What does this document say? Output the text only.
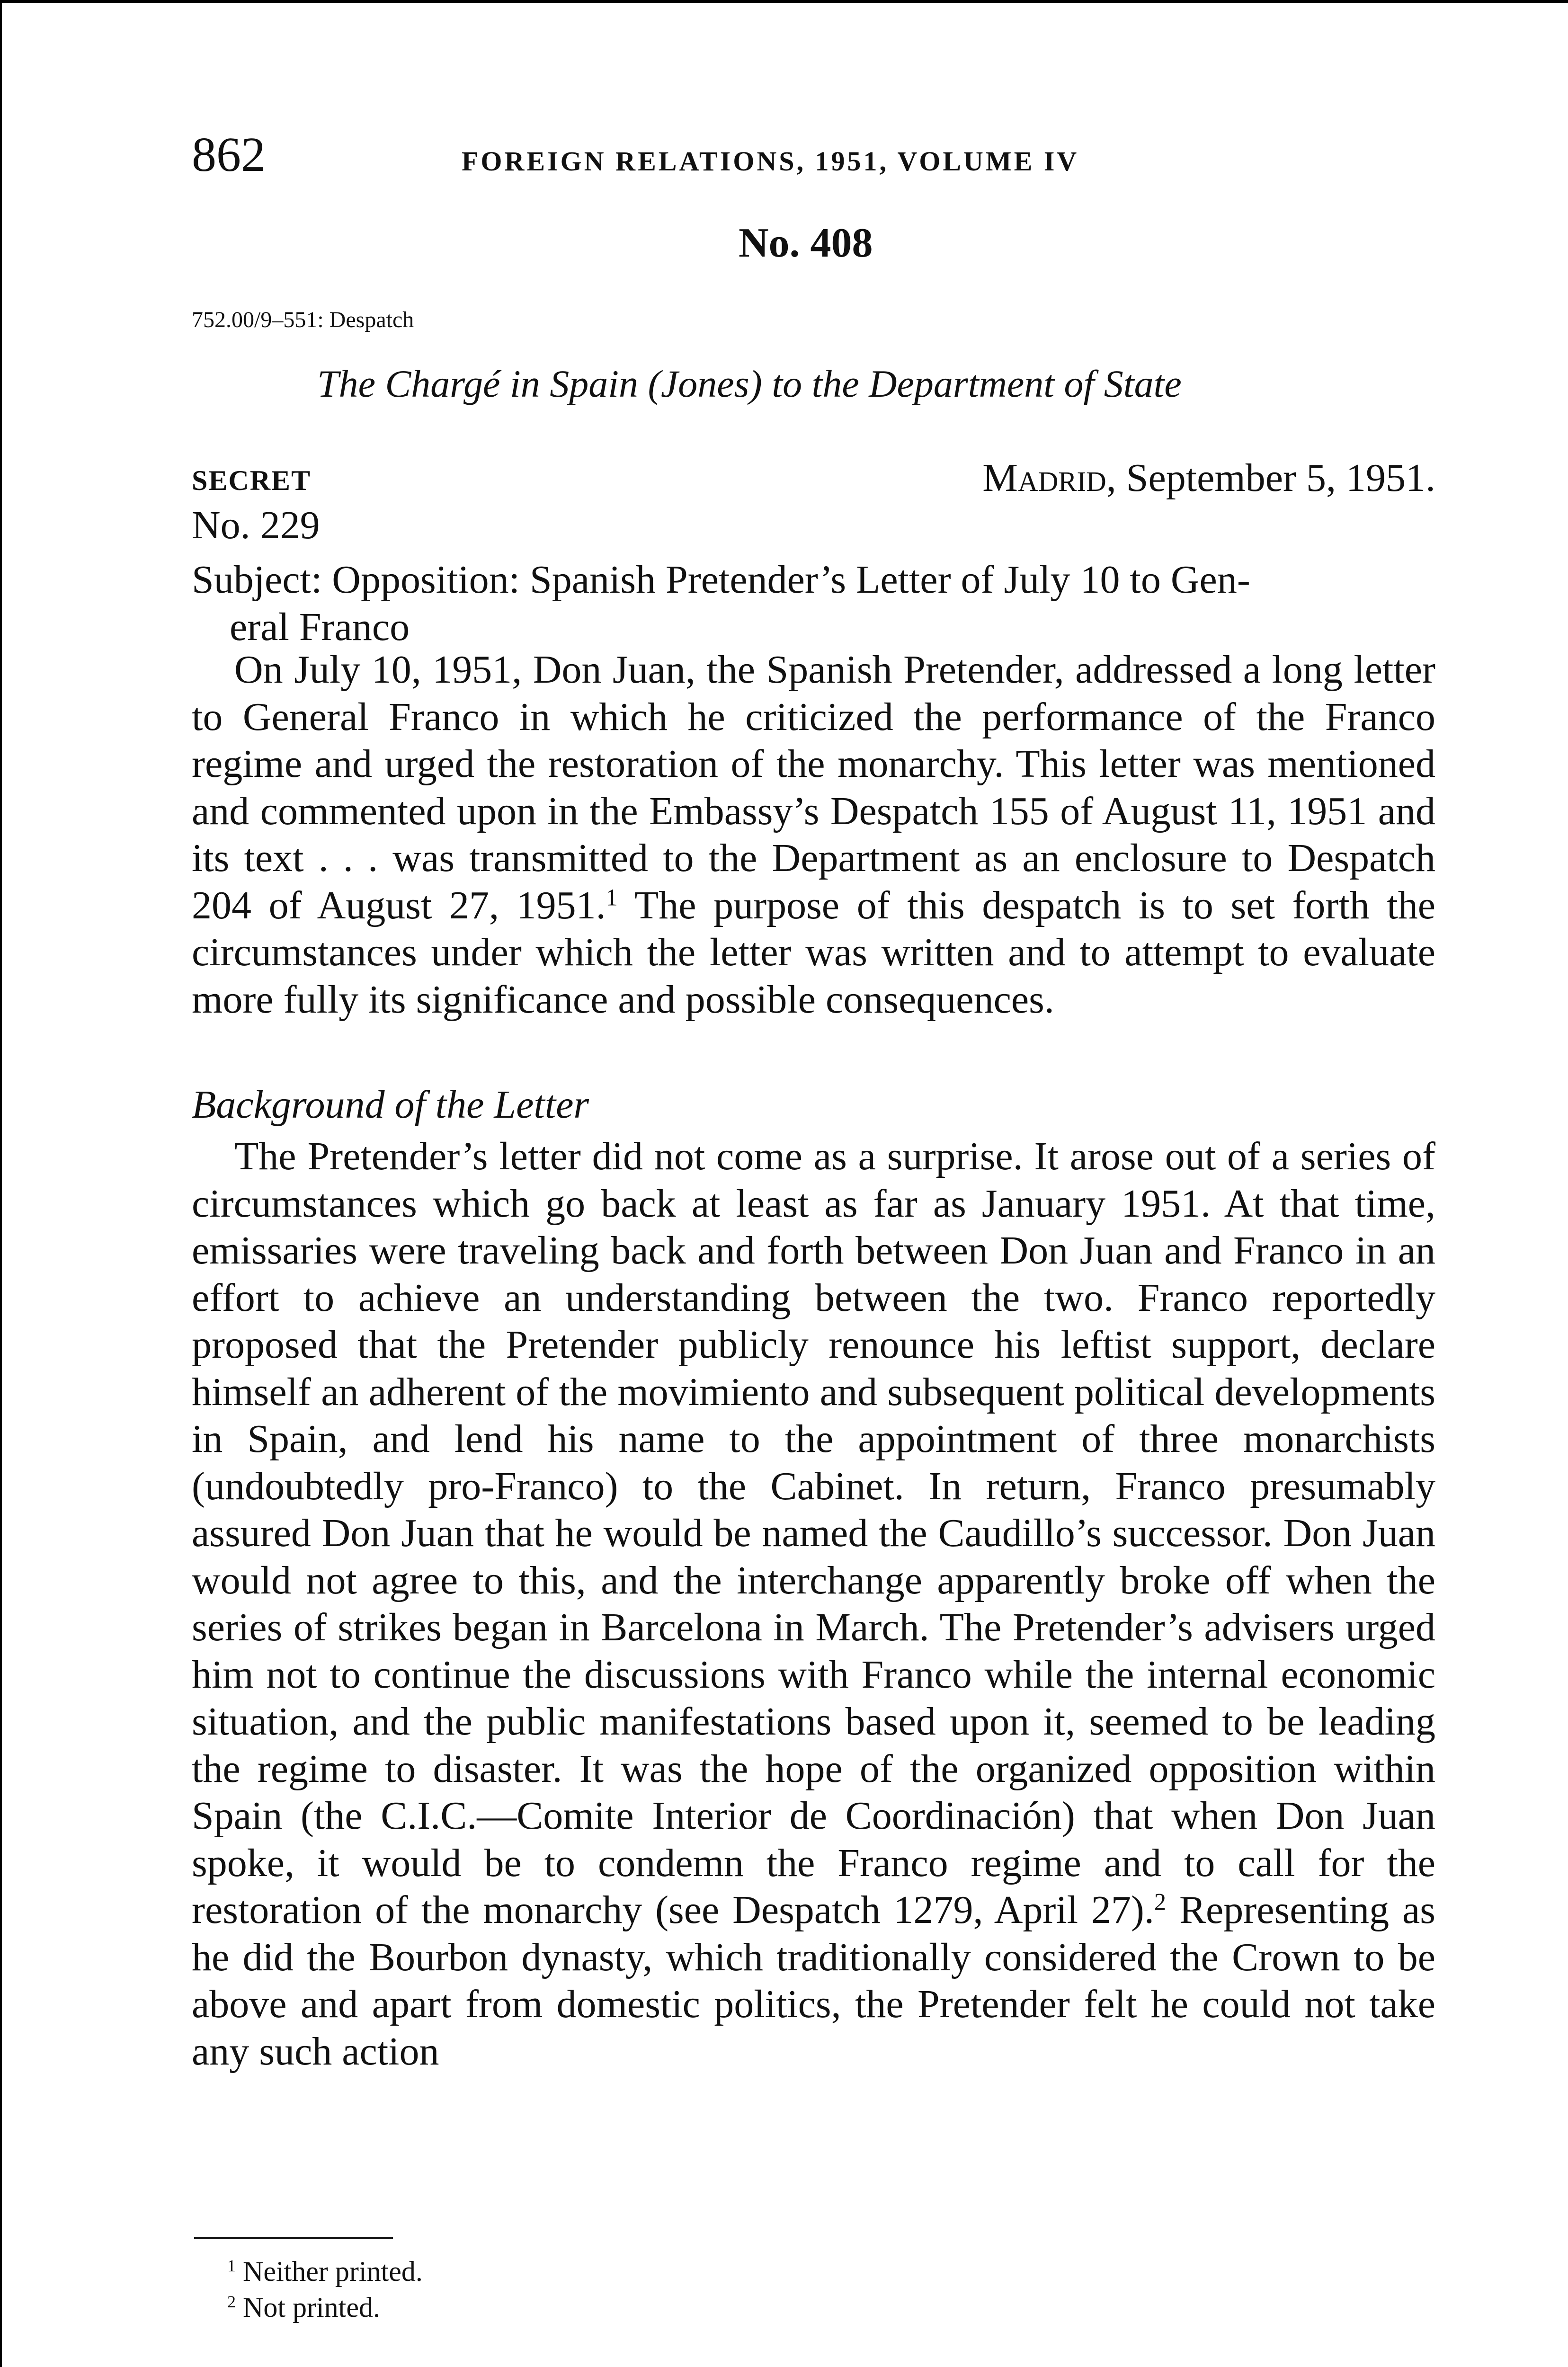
862	FOREIGN RELATIONS, 1951, VOLUME IV
No. 408
752.00/9–551: Despatch
The Chargé in Spain (Jones) to the Department of State
SECRET	Madrid, September 5, 1951.
No. 229
Subject: Opposition: Spanish Pretender’s Letter of July 10 to Gen-
eral Franco

On July 10, 1951, Don Juan, the Spanish Pretender, addressed a long letter to General Franco in which he criticized the performance of the Franco regime and urged the restoration of the monarchy. This letter was mentioned and commented upon in the Embassy’s Despatch 155 of August 11, 1951 and its text . . . was transmitted to the Department as an enclosure to Despatch 204 of August 27, 1951.$^1$ The purpose of this despatch is to set forth the circumstances under which the letter was written and to attempt to evaluate more fully its significance and possible consequences.

Background of the Letter

The Pretender’s letter did not come as a surprise. It arose out of a series of circumstances which go back at least as far as January 1951. At that time, emissaries were traveling back and forth between Don Juan and Franco in an effort to achieve an understanding between the two. Franco reportedly proposed that the Pretender publicly renounce his leftist support, declare himself an adherent of the movimiento and subsequent political developments in Spain, and lend his name to the appointment of three monarchists (undoubtedly pro-Franco) to the Cabinet. In return, Franco presumably assured Don Juan that he would be named the Caudillo’s successor. Don Juan would not agree to this, and the interchange apparently broke off when the series of strikes began in Barcelona in March. The Pretender’s advisers urged him not to continue the discussions with Franco while the internal economic situation, and the public manifestations based upon it, seemed to be leading the regime to disaster. It was the hope of the organized opposition within Spain (the C.I.C.—Comite Interior de Coordinación) that when Don Juan spoke, it would be to condemn the Franco regime and to call for the restoration of the monarchy (see Despatch 1279, April 27).$^2$ Representing as he did the Bourbon dynasty, which traditionally considered the Crown to be above and apart from domestic politics, the Pretender felt he could not take any such action

$^1$ Neither printed.
$^2$ Not printed.
